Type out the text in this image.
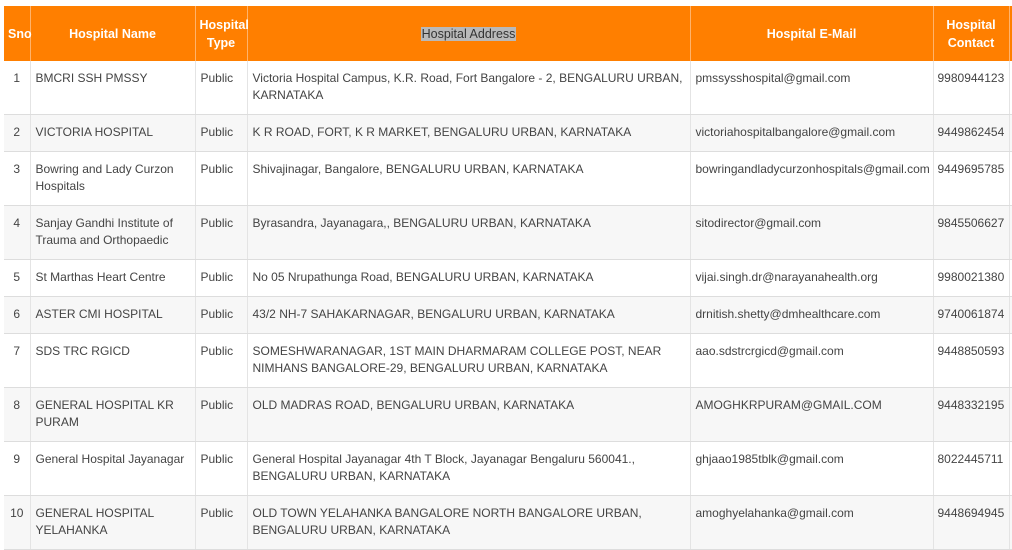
Sno	Hospital Name	Hospital Type	Hospital Address	Hospital E-Mail	Hospital Contact	
1	BMCRI SSH PMSSY	Public	Victoria Hospital Campus, K.R. Road, Fort Bangalore - 2, BENGALURU URBAN, KARNATAKA	pmssysshospital@gmail.com	9980944123	
2	VICTORIA HOSPITAL	Public	K R ROAD, FORT, K R MARKET, BENGALURU URBAN, KARNATAKA	victoriahospitalbangalore@gmail.com	9449862454	
3	Bowring and Lady Curzon Hospitals	Public	Shivajinagar, Bangalore, BENGALURU URBAN, KARNATAKA	bowringandladycurzonhospitals@gmail.com	9449695785	
4	Sanjay Gandhi Institute of Trauma and Orthopaedic	Public	Byrasandra, Jayanagara,, BENGALURU URBAN, KARNATAKA	sitodirector@gmail.com	9845506627	
5	St Marthas Heart Centre	Public	No 05 Nrupathunga Road, BENGALURU URBAN, KARNATAKA	vijai.singh.dr@narayanahealth.org	9980021380	
6	ASTER CMI HOSPITAL	Public	43/2 NH-7 SAHAKARNAGAR, BENGALURU URBAN, KARNATAKA	drnitish.shetty@dmhealthcare.com	9740061874	
7	SDS TRC RGICD	Public	SOMESHWARANAGAR, 1ST MAIN DHARMARAM COLLEGE POST, NEAR NIMHANS BANGALORE-29, BENGALURU URBAN, KARNATAKA	aao.sdstrcrgicd@gmail.com	9448850593	
8	GENERAL HOSPITAL KR PURAM	Public	OLD MADRAS ROAD, BENGALURU URBAN, KARNATAKA	AMOGHKRPURAM@GMAIL.COM	9448332195	
9	General Hospital Jayanagar	Public	General Hospital Jayanagar 4th T Block, Jayanagar Bengaluru 560041., BENGALURU URBAN, KARNATAKA	ghjaao1985tblk@gmail.com	8022445711	
10	GENERAL HOSPITAL YELAHANKA	Public	OLD TOWN YELAHANKA BANGALORE NORTH BANGALORE URBAN, BENGALURU URBAN, KARNATAKA	amoghyelahanka@gmail.com	9448694945	
